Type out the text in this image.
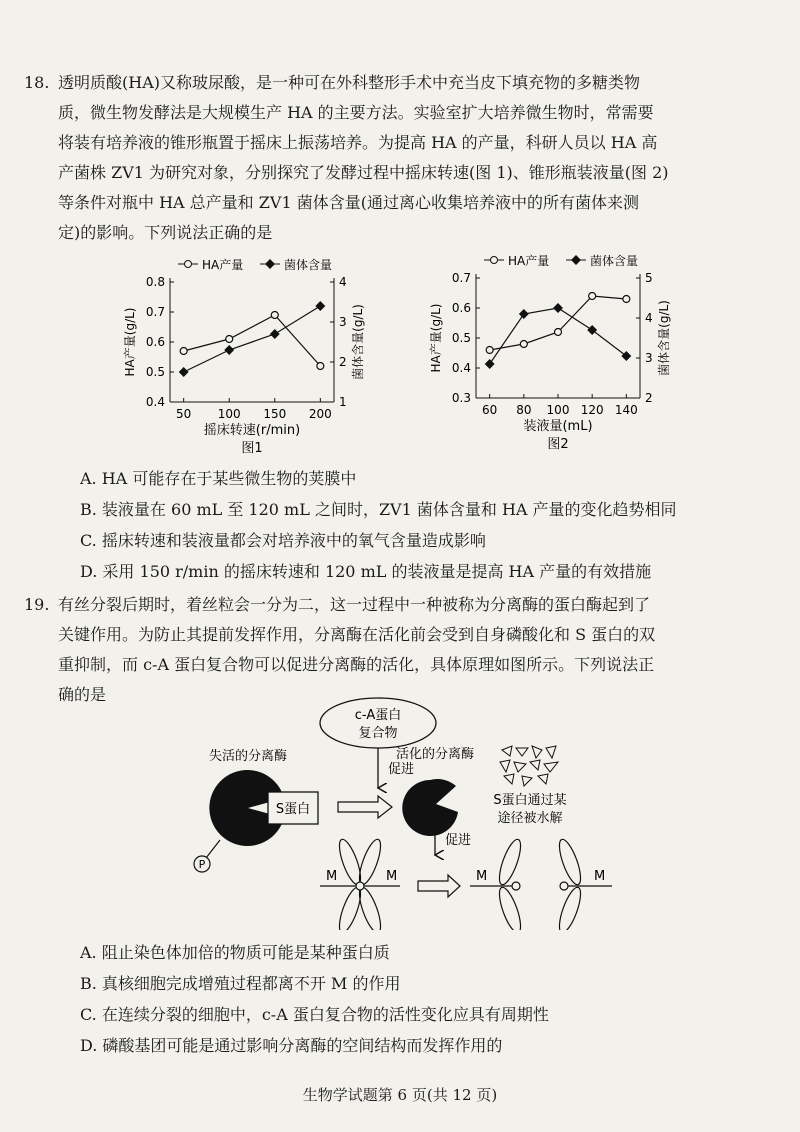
18. 透明质酸(HA)又称玻尿酸，是一种可在外科整形手术中充当皮下填充物的多糖类物

质，微生物发酵法是大规模生产 HA 的主要方法。实验室扩大培养微生物时，常需要

将装有培养液的锥形瓶置于摇床上振荡培养。为提高 HA 的产量，科研人员以 HA 高

产菌株 ZV1 为研究对象，分别探究了发酵过程中摇床转速(图 1)、锥形瓶装液量(图 2)

等条件对瓶中 HA 总产量和 ZV1 菌体含量(通过离心收集培养液中的所有菌体来测

定)的影响。下列说法正确的是

HA产量	菌体含量
0.4
0.5
0.6
0.7
0.8
1
2
3
4
50 100 150 200
HA产量(g/L)	菌体含量(g/L)
摇床转速(r/min)
图1
HA产量	菌体含量
0.3
0.4
0.5
0.6
0.7
2
3
4
5
60 80 100 120 140
HA产量(g/L)	菌体含量(g/L)
装液量(mL)
图2
A. HA 可能存在于某些微生物的荚膜中
B. 装液量在 60 mL 至 120 mL 之间时，ZV1 菌体含量和 HA 产量的变化趋势相同
C. 摇床转速和装液量都会对培养液中的氧气含量造成影响
D. 采用 150 r/min 的摇床转速和 120 mL 的装液量是提高 HA 产量的有效措施
19. 有丝分裂后期时，着丝粒会一分为二，这一过程中一种被称为分离酶的蛋白酶起到了

关键作用。为防止其提前发挥作用，分离酶在活化前会受到自身磷酸化和 S 蛋白的双

重抑制，而 c-A 蛋白复合物可以促进分离酶的活化，具体原理如图所示。下列说法正

确的是

c-A蛋白
复合物
促进
失活的分离酶
S蛋白
P
活化的分离酶
S蛋白通过某
途径被水解
促进
M	M	M	M
A. 阻止染色体加倍的物质可能是某种蛋白质
B. 真核细胞完成增殖过程都离不开 M 的作用
C. 在连续分裂的细胞中，c-A 蛋白复合物的活性变化应具有周期性
D. 磷酸基团可能是通过影响分离酶的空间结构而发挥作用的
生物学试题第 6 页(共 12 页)
